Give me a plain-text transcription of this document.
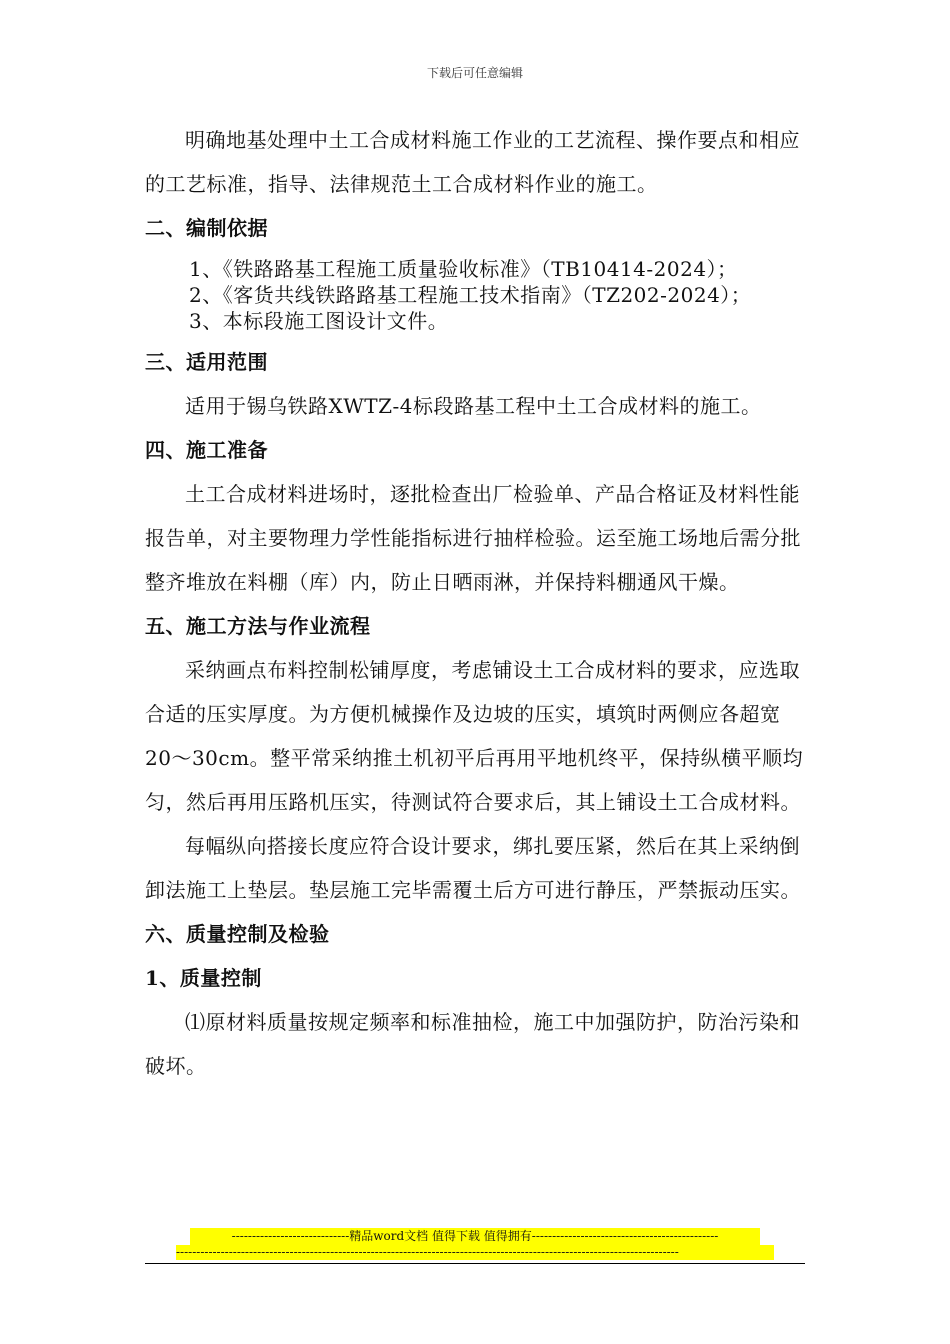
下载后可任意编辑

明确地基处理中土工合成材料施工作业的工艺流程、操作要点和相应的工艺标准，指导、法律规范土工合成材料作业的施工。

二、编制依据

1、《铁路路基工程施工质量验收标准》（TB10414-2024）；
2、《客货共线铁路路基工程施工技术指南》（TZ202-2024）；
3、本标段施工图设计文件。

三、适用范围

适用于锡乌铁路XWTZ-4标段路基工程中土工合成材料的施工。

四、施工准备

土工合成材料进场时，逐批检查出厂检验单、产品合格证及材料性能报告单，对主要物理力学性能指标进行抽样检验。运至施工场地后需分批整齐堆放在料棚（库）内，防止日晒雨淋，并保持料棚通风干燥。

五、施工方法与作业流程

采纳画点布料控制松铺厚度，考虑铺设土工合成材料的要求，应选取合适的压实厚度。为方便机械操作及边坡的压实，填筑时两侧应各超宽20～30cm。整平常采纳推土机初平后再用平地机终平，保持纵横平顺均匀，然后再用压路机压实，待测试符合要求后，其上铺设土工合成材料。

每幅纵向搭接长度应符合设计要求，绑扎要压紧，然后在其上采纳倒卸法施工上垫层。垫层施工完毕需覆土后方可进行静压，严禁振动压实。

六、质量控制及检验

1、质量控制

⑴原材料质量按规定频率和标准抽检，施工中加强防护，防治污染和破坏。

-----------------------------精品word文档 值得下载 值得拥有----------------------------------------------
----------------------------------------------------------------------------------------------------------------------------
